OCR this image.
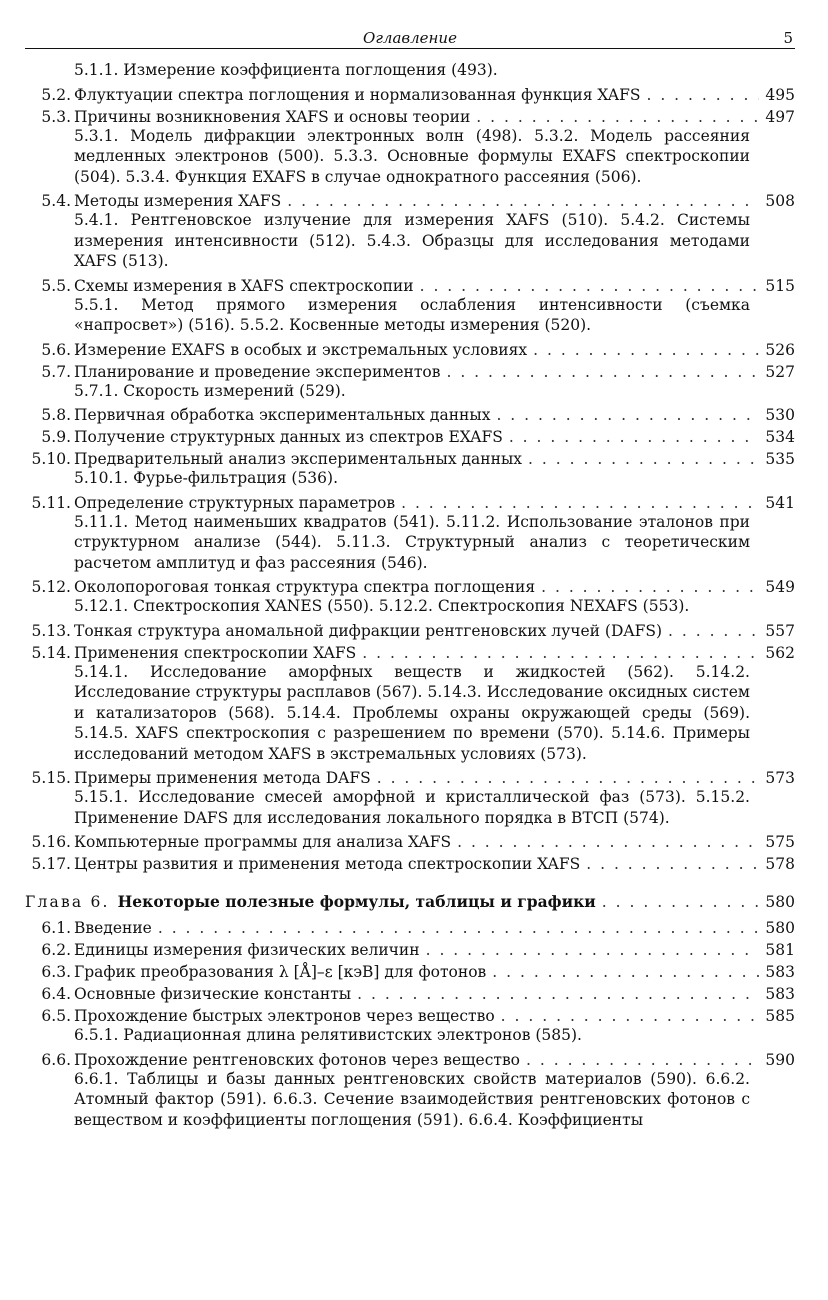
Оглавление	5
5.1.1. Измерение коэффициента поглощения (493).
5.2. Флуктуации спектра поглощения и нормализованная функция XAFS . . .	495
5.3. Причины возникновения XAFS и основы теории . . .	497
5.3.1. Модель дифракции электронных волн (498). 5.3.2. Модель рассеяния медленных электронов (500). 5.3.3. Основные формулы EXAFS спектроскопии (504). 5.3.4. Функция EXAFS в случае однократного рассеяния (506).
5.4. Методы измерения XAFS . . .	508
5.4.1. Рентгеновское излучение для измерения XAFS (510). 5.4.2. Системы измерения интенсивности (512). 5.4.3. Образцы для исследования методами XAFS (513).
5.5. Схемы измерения в XAFS спектроскопии . . .	515
5.5.1. Метод прямого измерения ослабления интенсивности (съемка «напросвет») (516). 5.5.2. Косвенные методы измерения (520).
5.6. Измерение EXAFS в особых и экстремальных условиях . . .	526
5.7. Планирование и проведение экспериментов . . .	527
5.7.1. Скорость измерений (529).
5.8. Первичная обработка экспериментальных данных . . .	530
5.9. Получение структурных данных из спектров EXAFS . . .	534
5.10. Предварительный анализ экспериментальных данных . . .	535
5.10.1. Фурье-фильтрация (536).
5.11. Определение структурных параметров . . .	541
5.11.1. Метод наименьших квадратов (541). 5.11.2. Использование эталонов при структурном анализе (544). 5.11.3. Структурный анализ с теоретическим расчетом амплитуд и фаз рассеяния (546).
5.12. Околопороговая тонкая структура спектра поглощения . . .	549
5.12.1. Спектроскопия XANES (550). 5.12.2. Спектроскопия NEXAFS (553).
5.13. Тонкая структура аномальной дифракции рентгеновских лучей (DAFS) . . .	557
5.14. Применения спектроскопии XAFS . . .	562
5.14.1. Исследование аморфных веществ и жидкостей (562). 5.14.2. Исследование структуры расплавов (567). 5.14.3. Исследование оксидных систем и катализаторов (568). 5.14.4. Проблемы охраны окружающей среды (569). 5.14.5. XAFS спектроскопия с разрешением по времени (570). 5.14.6. Примеры исследований методом XAFS в экстремальных условиях (573).
5.15. Примеры применения метода DAFS . . .	573
5.15.1. Исследование смесей аморфной и кристаллической фаз (573). 5.15.2. Применение DAFS для исследования локального порядка в ВТСП (574).
5.16. Компьютерные программы для анализа XAFS . . .	575
5.17. Центры развития и применения метода спектроскопии XAFS . . .	578
Глава 6. Некоторые полезные формулы, таблицы и графики . . .	580
6.1. Введение . . .	580
6.2. Единицы измерения физических величин . . .	581
6.3. График преобразования λ [Å]–ε [кэВ] для фотонов . . .	583
6.4. Основные физические константы . . .	583
6.5. Прохождение быстрых электронов через вещество . . .	585
6.5.1. Радиационная длина релятивистских электронов (585).
6.6. Прохождение рентгеновских фотонов через вещество . . .	590
6.6.1. Таблицы и базы данных рентгеновских свойств материалов (590). 6.6.2. Атомный фактор (591). 6.6.3. Сечение взаимодействия рентгеновских фотонов с веществом и коэффициенты поглощения (591). 6.6.4. Коэффициенты
